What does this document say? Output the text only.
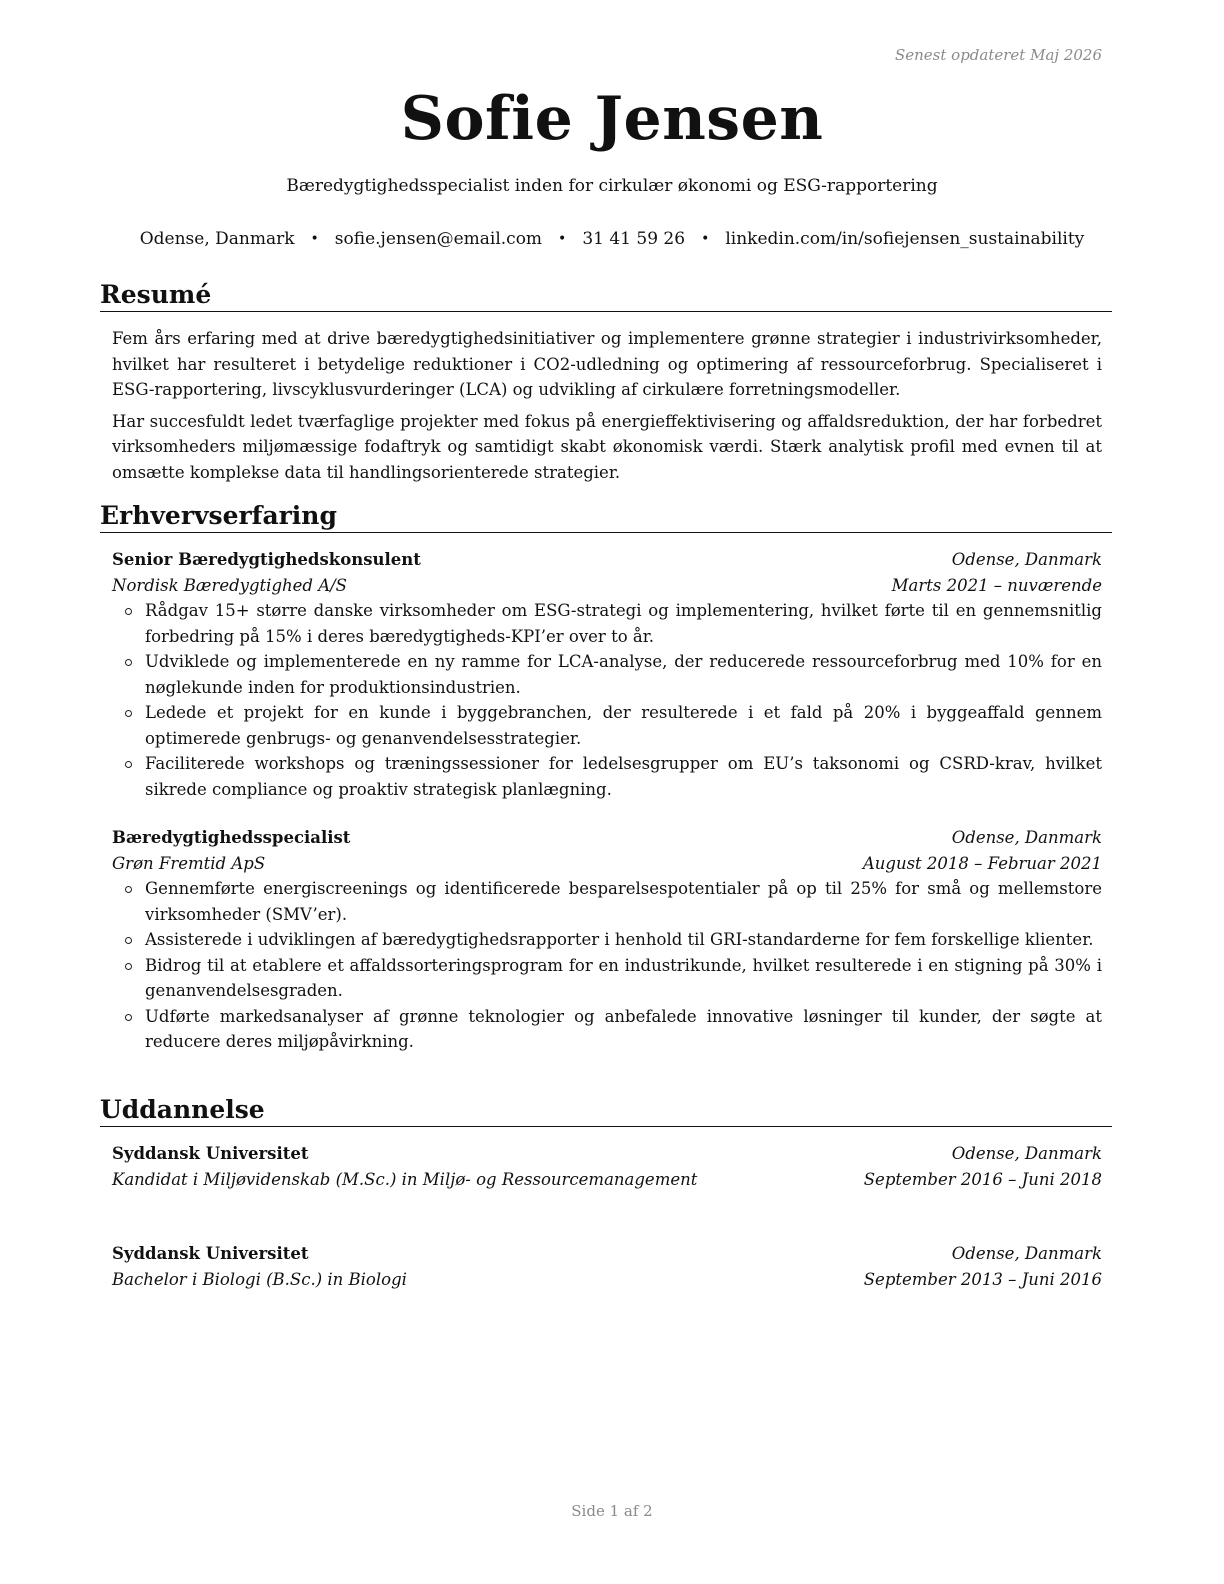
Senest opdateret Maj 2026
Sofie Jensen
Bæredygtighedsspecialist inden for cirkulær økonomi og ESG-rapportering
Odense, Danmark • sofie.jensen@email.com • 31 41 59 26 • linkedin.com/in/sofiejensen_sustainability
Resumé

Fem års erfaring med at drive bæredygtighedsinitiativer og implementere grønne strategier i industrivirksomheder, hvilket har resulteret i betydelige reduktioner i CO2-udledning og optimering af ressourceforbrug. Specialiseret i ESG-rapportering, livscyklusvurderinger (LCA) og udvikling af cirkulære forretningsmodeller.

Har succesfuldt ledet tværfaglige projekter med fokus på energieffektivisering og affaldsreduktion, der har forbedret virksomheders miljømæssige fodaftryk og samtidigt skabt økonomisk værdi. Stærk analytisk profil med evnen til at omsætte komplekse data til handlingsorienterede strategier.

Erhvervserfaring
Senior Bæredygtighedskonsulent	Odense, Danmark
Nordisk Bæredygtighed A/S	Marts 2021 – nuværende
Rådgav 15+ større danske virksomheder om ESG-strategi og implementering, hvilket førte til en gennemsnitlig forbedring på 15% i deres bæredygtigheds-KPI’er over to år.
Udviklede og implementerede en ny ramme for LCA-analyse, der reducerede ressourceforbrug med 10% for en nøglekunde inden for produktionsindustrien.
Ledede et projekt for en kunde i byggebranchen, der resulterede i et fald på 20% i byggeaffald gennem optimerede genbrugs- og genanvendelsesstrategier.
Faciliterede workshops og træningssessioner for ledelsesgrupper om EU’s taksonomi og CSRD-krav, hvilket sikrede compliance og proaktiv strategisk planlægning.
Bæredygtighedsspecialist	Odense, Danmark
Grøn Fremtid ApS	August 2018 – Februar 2021
Gennemførte energiscreenings og identificerede besparelsespotentialer på op til 25% for små og mellemstore virksomheder (SMV’er).
Assisterede i udviklingen af bæredygtighedsrapporter i henhold til GRI-standarderne for fem forskellige klienter.
Bidrog til at etablere et affaldssorteringsprogram for en industrikunde, hvilket resulterede i en stigning på 30% i genanvendelsesgraden.
Udførte markedsanalyser af grønne teknologier og anbefalede innovative løsninger til kunder, der søgte at reducere deres miljøpåvirkning.
Uddannelse
Syddansk Universitet	Odense, Danmark
Kandidat i Miljøvidenskab (M.Sc.) in Miljø- og Ressourcemanagement	September 2016 – Juni 2018
Syddansk Universitet	Odense, Danmark
Bachelor i Biologi (B.Sc.) in Biologi	September 2013 – Juni 2016
Side 1 af 2
